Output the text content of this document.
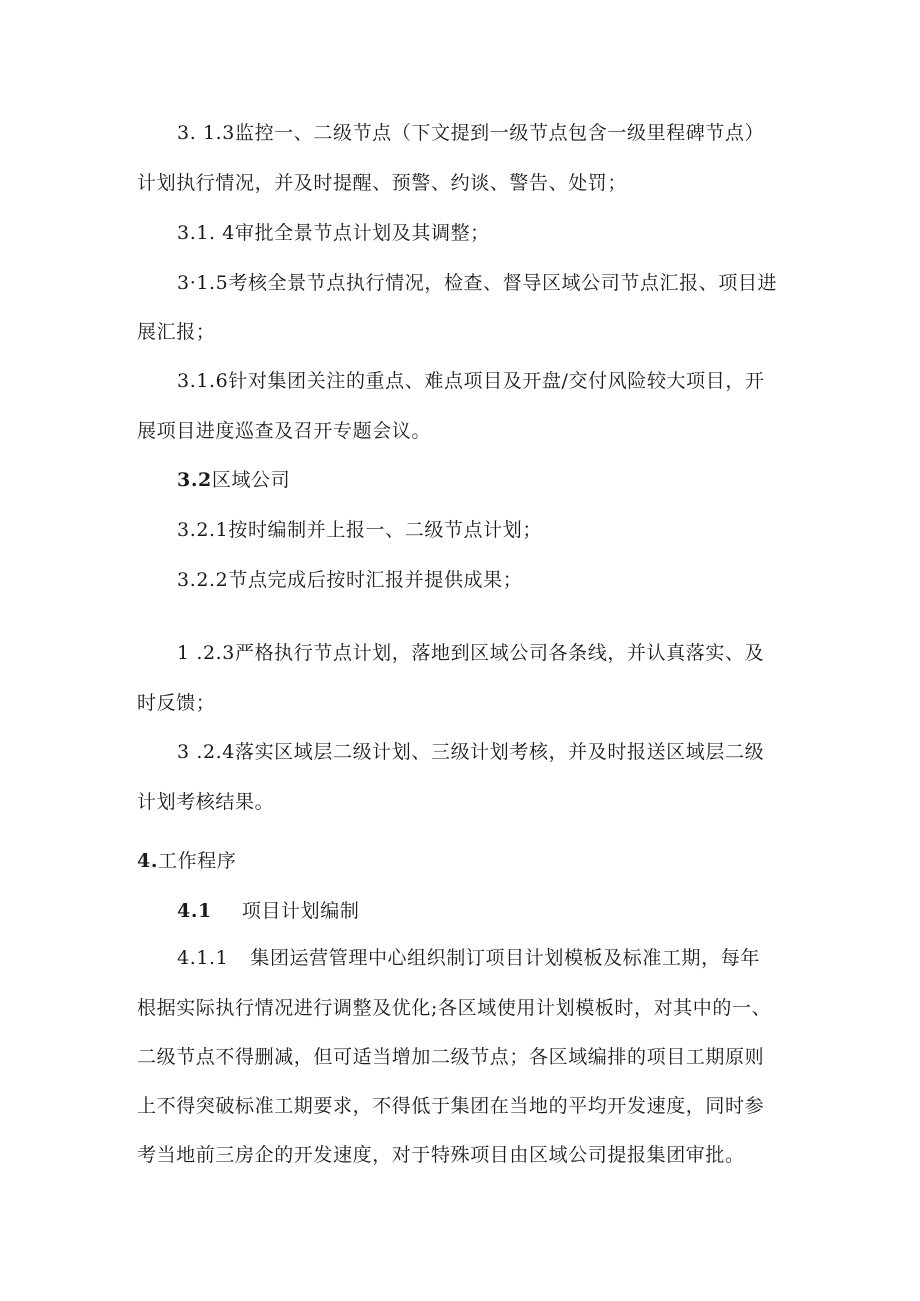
3. 1.3监控一、二级节点（下文提到一级节点包含一级里程碑节点）
计划执行情况，并及时提醒、预警、约谈、警告、处罚；
3.1. 4审批全景节点计划及其调整；
3·1.5考核全景节点执行情况，检查、督导区域公司节点汇报、项目进
展汇报；
3.1.6针对集团关注的重点、难点项目及开盘/交付风险较大项目，开
展项目进度巡查及召开专题会议。
3.2区域公司
3.2.1按时编制并上报一、二级节点计划；
3.2.2节点完成后按时汇报并提供成果；
1 .2.3严格执行节点计划，落地到区域公司各条线，并认真落实、及
时反馈；
3 .2.4落实区域层二级计划、三级计划考核，并及时报送区域层二级
计划考核结果。
4.工作程序
4.1 项目计划编制
4.1.1 集团运营管理中心组织制订项目计划模板及标准工期，每年
根据实际执行情况进行调整及优化;各区域使用计划模板时，对其中的一、
二级节点不得删减，但可适当增加二级节点；各区域编排的项目工期原则
上不得突破标准工期要求，不得低于集团在当地的平均开发速度，同时参
考当地前三房企的开发速度，对于特殊项目由区域公司提报集团审批。
